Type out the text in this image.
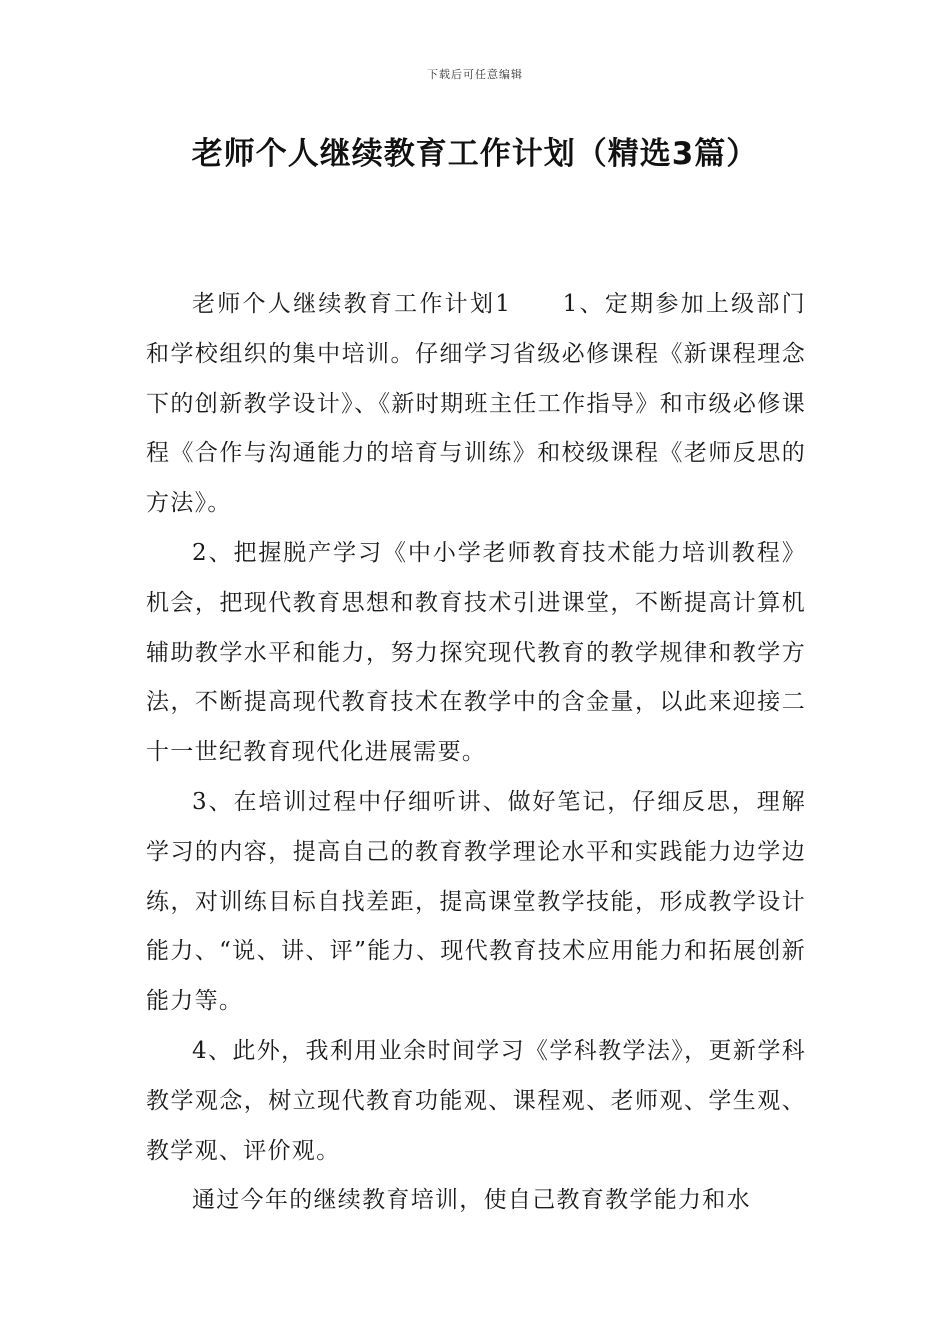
下载后可任意编辑
老师个人继续教育工作计划（精选3篇）

老师个人继续教育工作计划1　　1、定期参加上级部门和学校组织的集中培训。仔细学习省级必修课程《新课程理念下的创新教学设计》、《新时期班主任工作指导》和市级必修课程《合作与沟通能力的培育与训练》和校级课程《老师反思的方法》。

2、把握脱产学习《中小学老师教育技术能力培训教程》机会，把现代教育思想和教育技术引进课堂，不断提高计算机辅助教学水平和能力，努力探究现代教育的教学规律和教学方法，不断提高现代教育技术在教学中的含金量，以此来迎接二十一世纪教育现代化进展需要。

3、在培训过程中仔细听讲、做好笔记，仔细反思，理解学习的内容，提高自己的教育教学理论水平和实践能力边学边练，对训练目标自找差距，提高课堂教学技能，形成教学设计能力、“说、讲、评”能力、现代教育技术应用能力和拓展创新能力等。

4、此外，我利用业余时间学习《学科教学法》，更新学科教学观念，树立现代教育功能观、课程观、老师观、学生观、教学观、评价观。

通过今年的继续教育培训，使自己教育教学能力和水
